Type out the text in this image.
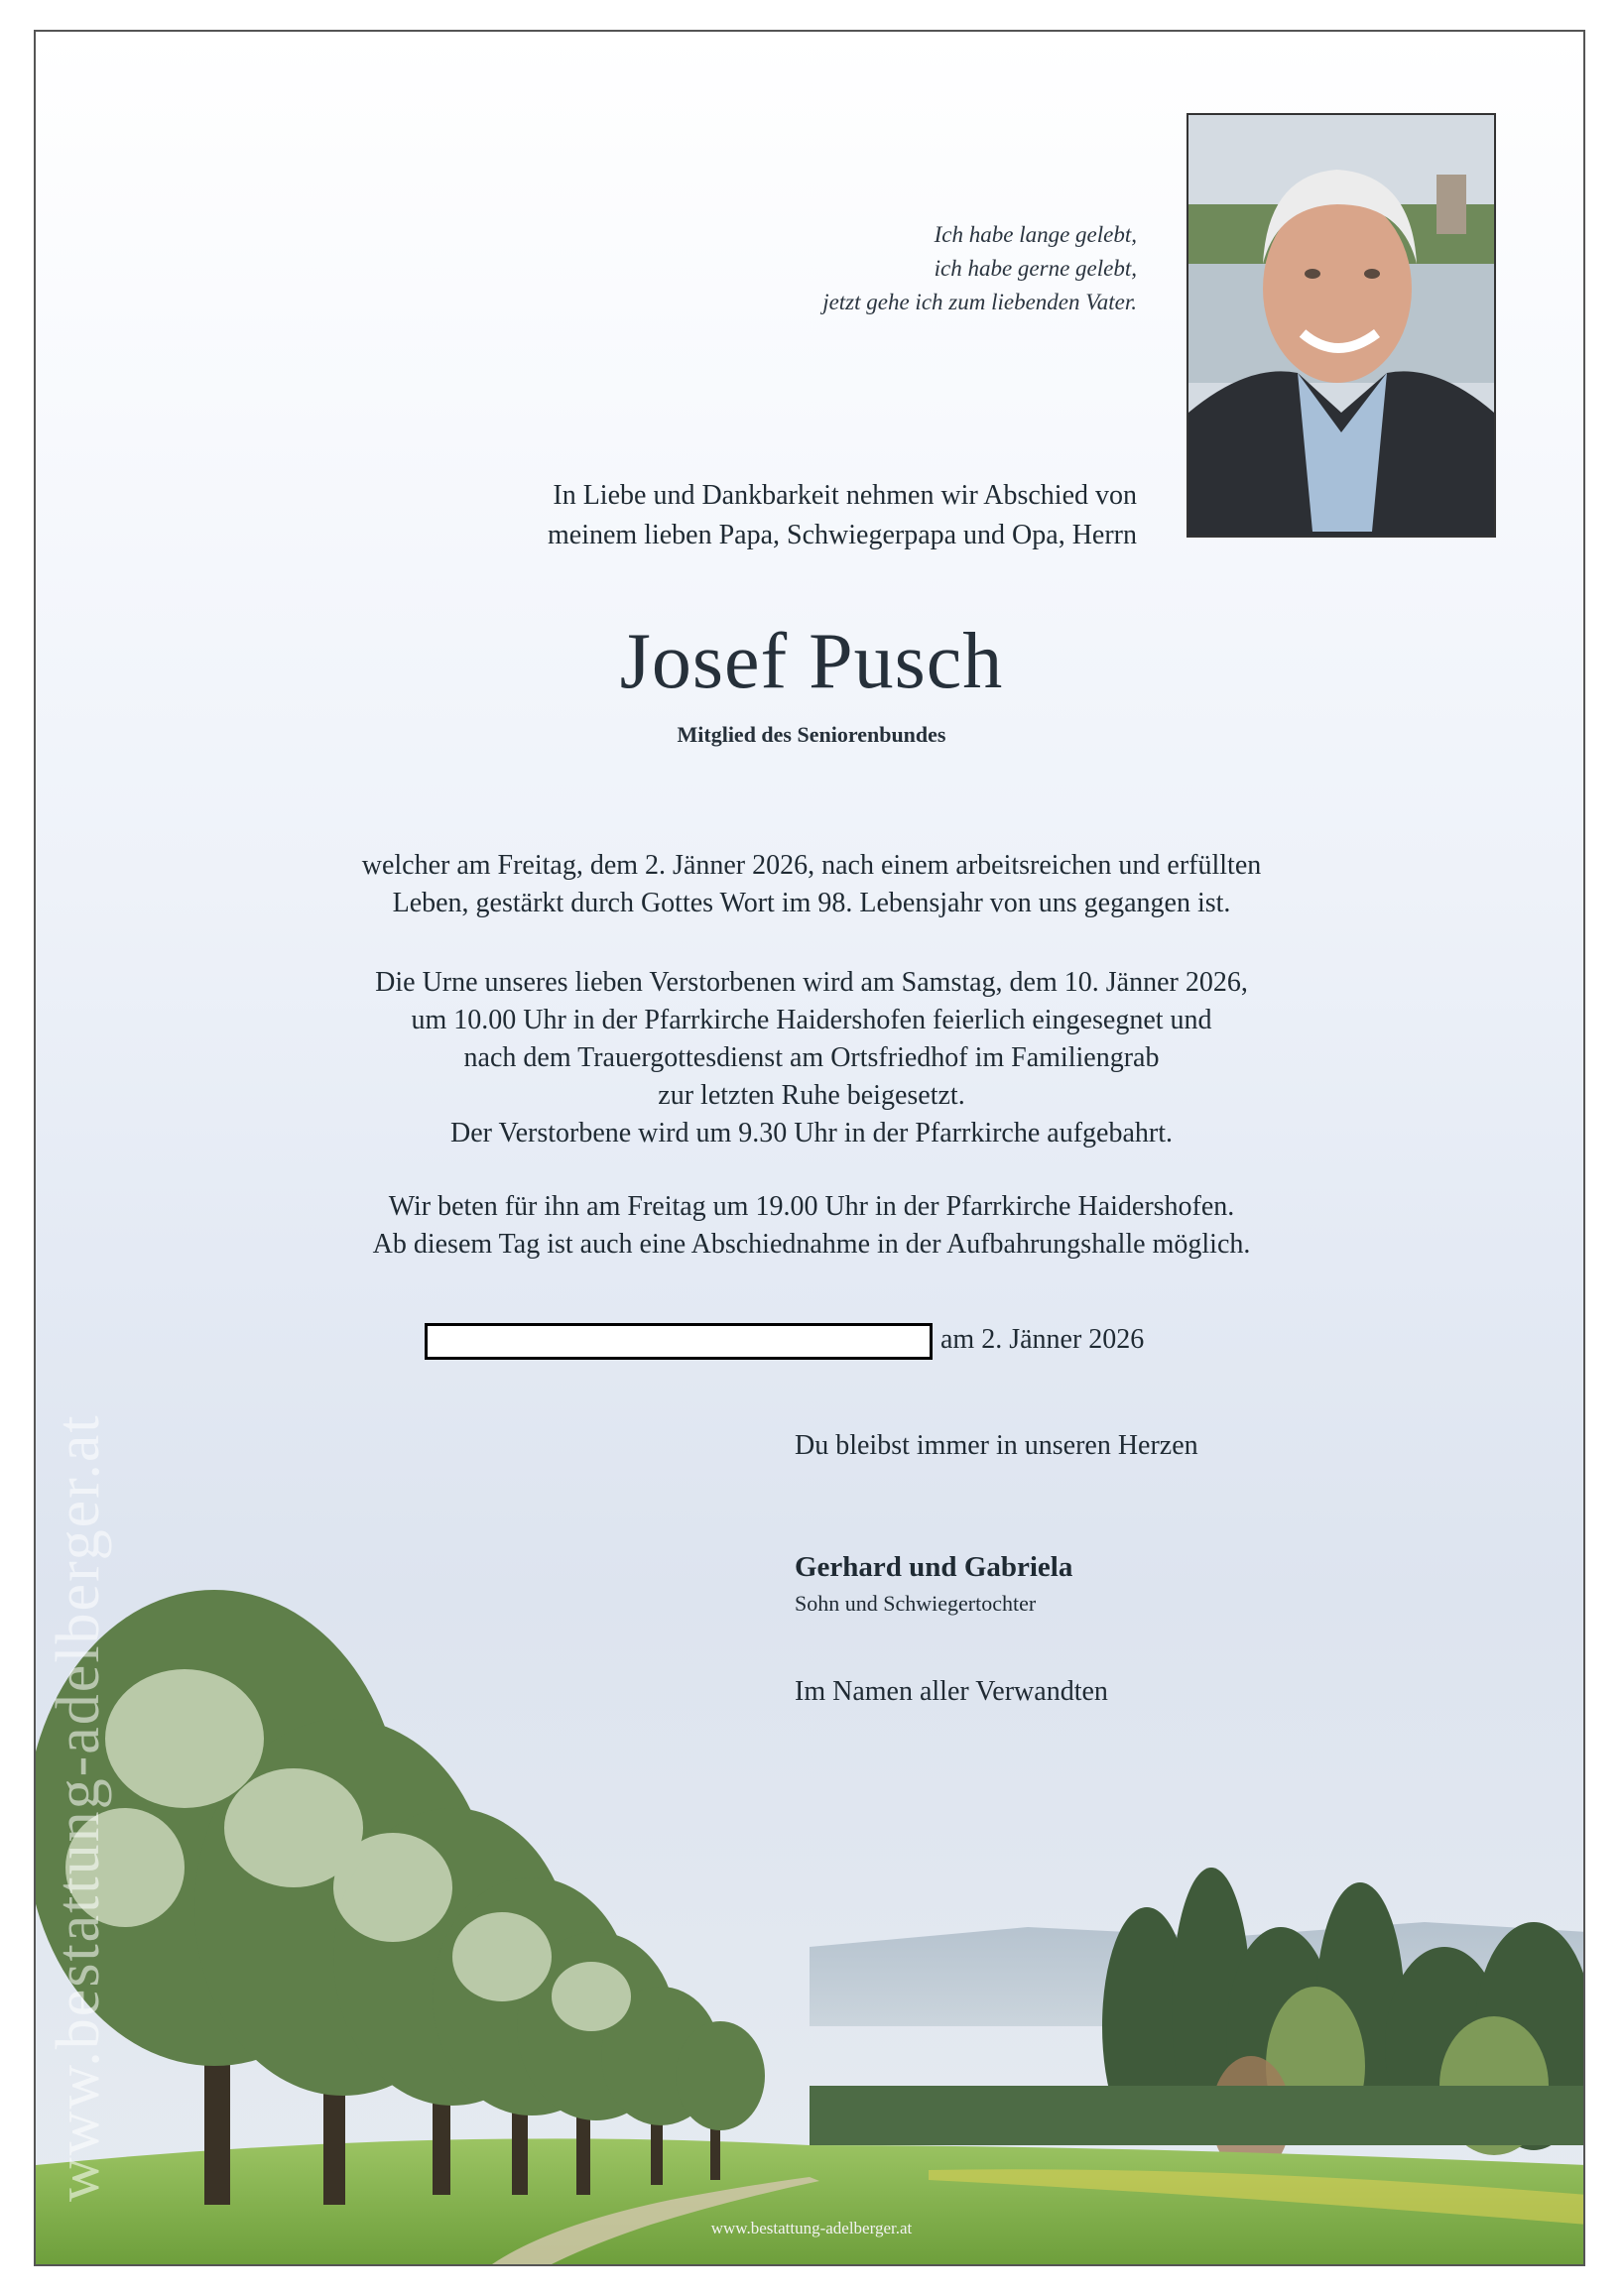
Ich habe lange gelebt,
ich habe gerne gelebt,
jetzt gehe ich zum liebenden Vater.
In Liebe und Dankbarkeit nehmen wir Abschied von
meinem lieben Papa, Schwiegerpapa und Opa, Herrn
Josef Pusch
Mitglied des Seniorenbundes
welcher am Freitag, dem 2. Jänner 2026, nach einem arbeitsreichen und erfüllten
Leben, gestärkt durch Gottes Wort im 98. Lebensjahr von uns gegangen ist.
Die Urne unseres lieben Verstorbenen wird am Samstag, dem 10. Jänner 2026,
um 10.00 Uhr in der Pfarrkirche Haidershofen feierlich eingesegnet und
nach dem Trauergottesdienst am Ortsfriedhof im Familiengrab
zur letzten Ruhe beigesetzt.
Der Verstorbene wird um 9.30 Uhr in der Pfarrkirche aufgebahrt.
Wir beten für ihn am Freitag um 19.00 Uhr in der Pfarrkirche Haidershofen.
Ab diesem Tag ist auch eine Abschiednahme in der Aufbahrungshalle möglich.
am 2. Jänner 2026
Du bleibst immer in unseren Herzen
Gerhard und Gabriela
Sohn und Schwiegertochter
Im Namen aller Verwandten
www.bestattung-adelberger.at
www.bestattung-adelberger.at
